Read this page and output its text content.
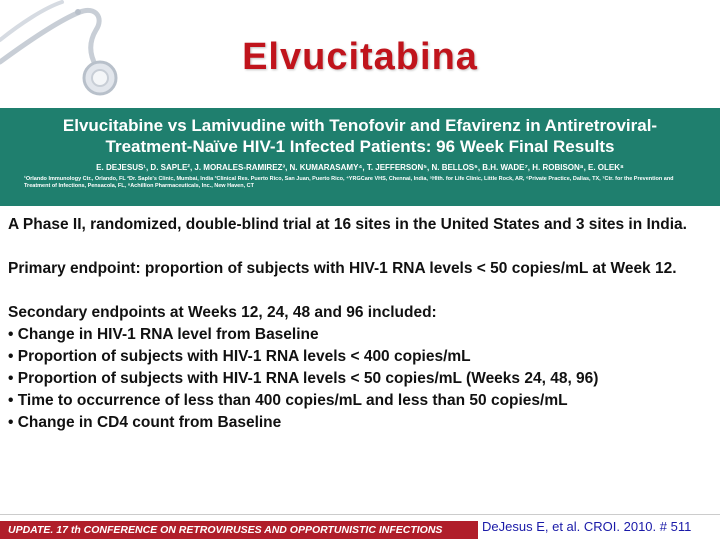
Elvucitabina
Elvucitabine vs Lamivudine with Tenofovir and Efavirenz in Antiretroviral-
Treatment-Naïve HIV-1 Infected Patients: 96 Week Final Results
E. DEJESUS¹, D. SAPLE², J. MORALES-RAMIREZ³, N. KUMARASAMY⁴, T. JEFFERSON⁵, N. BELLOS⁶, B.H. WADE⁷, H. ROBISON⁸, E. OLEK⁸
¹Orlando Immunology Ctr., Orlando, FL ²Dr. Saple's Clinic, Mumbai, India ³Clinical Res. Puerto Rico, San Juan, Puerto Rico, ⁴YRGCare VHS, Chennai, India, ⁵Hlth. for Life Clinic, Little Rock, AR, ⁶Private Practice, Dallas, TX, ⁷Ctr. for the Prevention and Treatment of Infections, Pensacola, FL, ⁸Achillion Pharmaceuticals, Inc., New Haven, CT

A Phase II, randomized, double-blind trial at 16 sites in the United States and 3 sites in India.

Primary endpoint: proportion of subjects with HIV-1 RNA levels < 50 copies/mL at Week 12.

Secondary endpoints at Weeks 12, 24, 48 and 96 included:

• Change in HIV-1 RNA level from Baseline

• Proportion of subjects with HIV-1 RNA levels < 400 copies/mL

• Proportion of subjects with HIV-1 RNA levels < 50 copies/mL (Weeks 24, 48, 96)

• Time to occurrence of less than 400 copies/mL and less than 50 copies/mL

• Change in CD4 count from Baseline

UPDATE. 17 th CONFERENCE ON RETROVIRUSES AND OPPORTUNISTIC INFECTIONS	DeJesus E, et al. CROI. 2010. # 511
